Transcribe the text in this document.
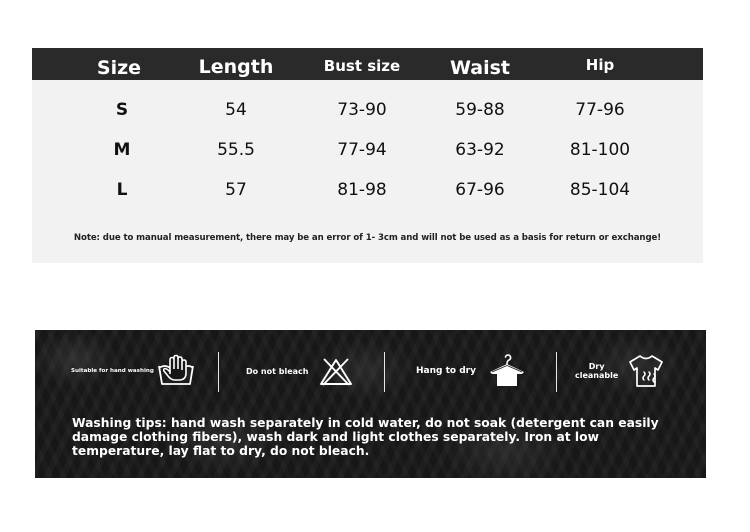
Size	Length	Bust size	Waist	Hip
S	54	73-90	59-88	77-96
M	55.5	77-94	63-92	81-100
L	57	81-98	67-96	85-104
Note: due to manual measurement, there may be an error of 1- 3cm and will not be used as a basis for return or exchange!
Suitable for hand washing	Do not bleach	Hang to dry	Dry
cleanable
Washing tips: hand wash separately in cold water, do not soak (detergent can easily damage clothing fibers), wash dark and light clothes separately. Iron at low temperature, lay flat to dry, do not bleach.
